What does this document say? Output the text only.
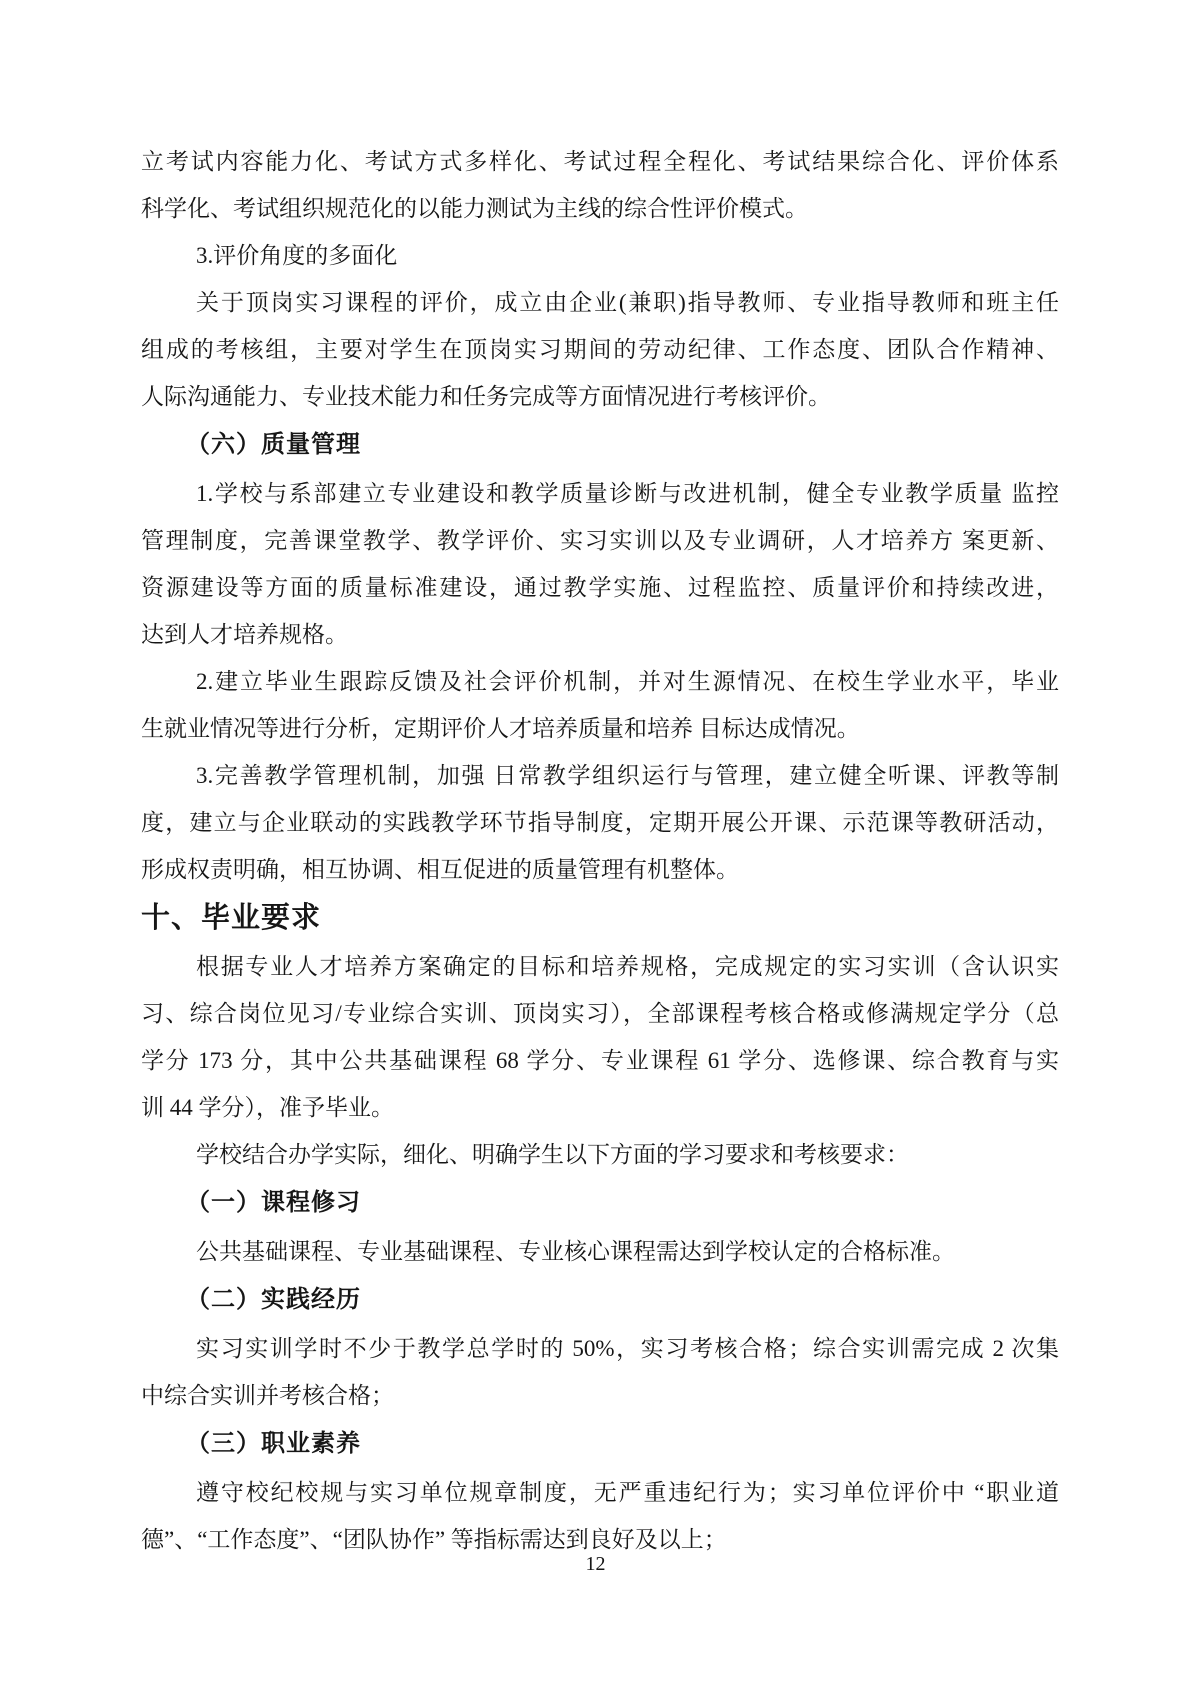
立考试内容能力化、考试方式多样化、考试过程全程化、考试结果综合化、评价体系
科学化、考试组织规范化的以能力测试为主线的综合性评价模式。
3.评价角度的多面化
关于顶岗实习课程的评价，成立由企业(兼职)指导教师、专业指导教师和班主任
组成的考核组，主要对学生在顶岗实习期间的劳动纪律、工作态度、团队合作精神、
人际沟通能力、专业技术能力和任务完成等方面情况进行考核评价。
（六）质量管理
1.学校与系部建立专业建设和教学质量诊断与改进机制，健全专业教学质量 监控
管理制度，完善课堂教学、教学评价、实习实训以及专业调研，人才培养方 案更新、
资源建设等方面的质量标准建设，通过教学实施、过程监控、质量评价和持续改进，
达到人才培养规格。
2.建立毕业生跟踪反馈及社会评价机制，并对生源情况、在校生学业水平，毕业
生就业情况等进行分析，定期评价人才培养质量和培养 目标达成情况。
3.完善教学管理机制，加强 日常教学组织运行与管理，建立健全听课、评教等制
度，建立与企业联动的实践教学环节指导制度，定期开展公开课、示范课等教研活动，
形成权责明确，相互协调、相互促进的质量管理有机整体。
十、毕业要求
根据专业人才培养方案确定的目标和培养规格，完成规定的实习实训（含认识实
习、综合岗位见习/专业综合实训、顶岗实习），全部课程考核合格或修满规定学分（总
学分 173 分，其中公共基础课程 68 学分、专业课程 61 学分、选修课、综合教育与实
训 44 学分），准予毕业。
学校结合办学实际，细化、明确学生以下方面的学习要求和考核要求：
（一）课程修习
公共基础课程、专业基础课程、专业核心课程需达到学校认定的合格标准。
（二）实践经历
实习实训学时不少于教学总学时的 50%，实习考核合格；综合实训需完成 2 次集
中综合实训并考核合格；
（三）职业素养
遵守校纪校规与实习单位规章制度，无严重违纪行为；实习单位评价中 “职业道
德”、“工作态度”、“团队协作” 等指标需达到良好及以上；
12
